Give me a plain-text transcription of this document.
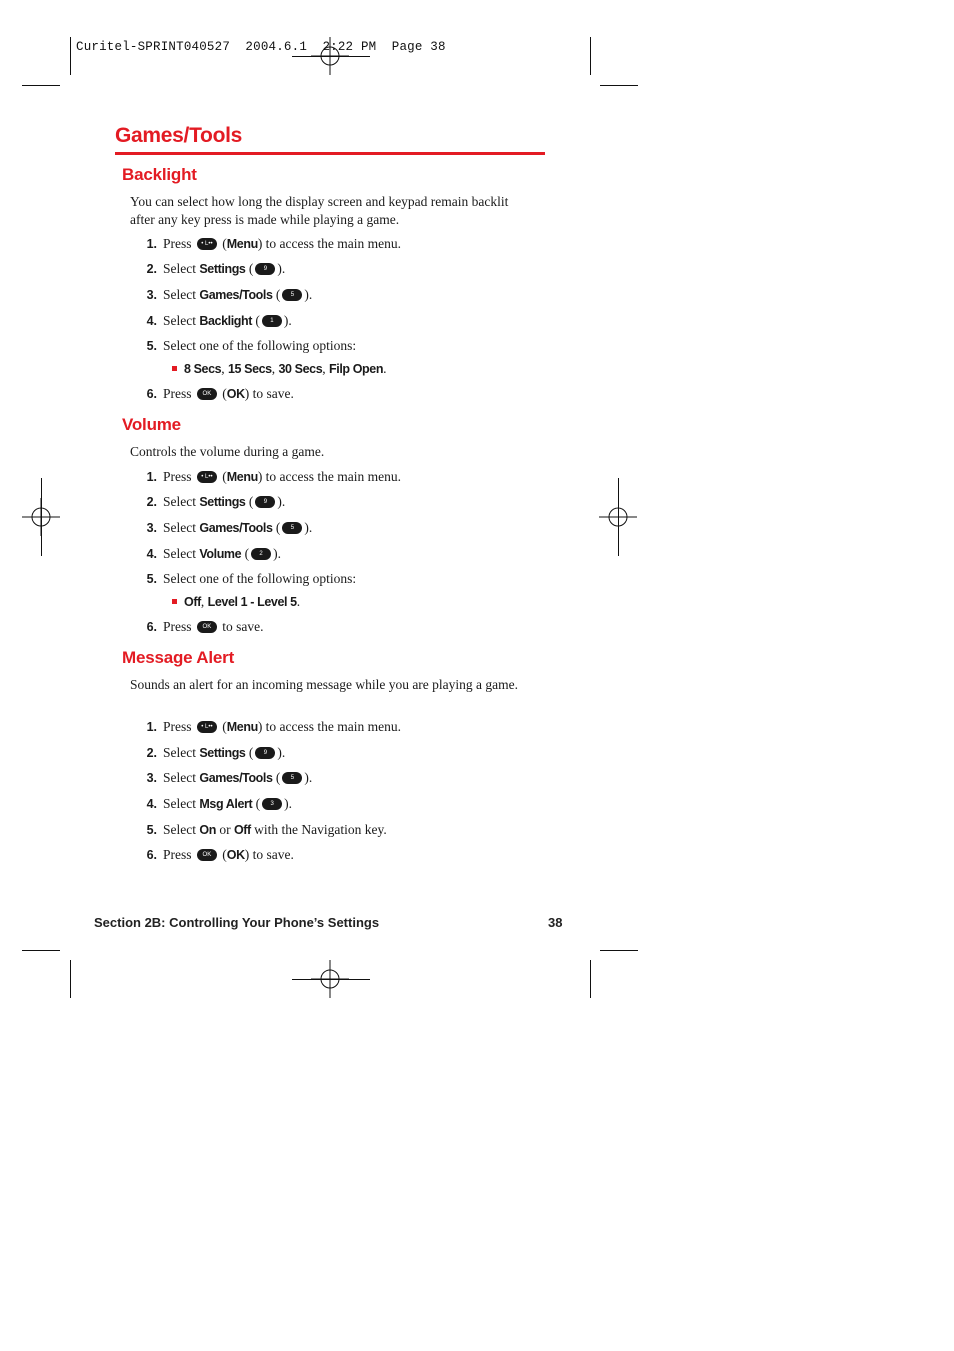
Curitel-SPRINT040527  2004.6.1  2:22 PM  Page 38
Games/Tools
Backlight
You can select how long the display screen and keypad remain backlit after any key press is made while playing a game.
1. Press • L•• (Menu) to access the main menu.
2. Select Settings ( 9 ).
3. Select Games/Tools ( 5 ).
4. Select Backlight ( 1 ).
5. Select one of the following options:
8 Secs, 15 Secs, 30 Secs, Filp Open.
6. Press OK (OK) to save.
Volume
Controls the volume during a game.
1. Press • L•• (Menu) to access the main menu.
2. Select Settings ( 9 ).
3. Select Games/Tools ( 5 ).
4. Select Volume ( 2 ).
5. Select one of the following options:
Off, Level 1 - Level 5.
6. Press OK to save.
Message Alert
Sounds an alert for an incoming message while you are playing a game.
1. Press • L•• (Menu) to access the main menu.
2. Select Settings ( 9 ).
3. Select Games/Tools ( 5 ).
4. Select Msg Alert ( 3 ).
5. Select On or Off with the Navigation key.
6. Press OK (OK) to save.
Section 2B: Controlling Your Phone’s Settings	38
